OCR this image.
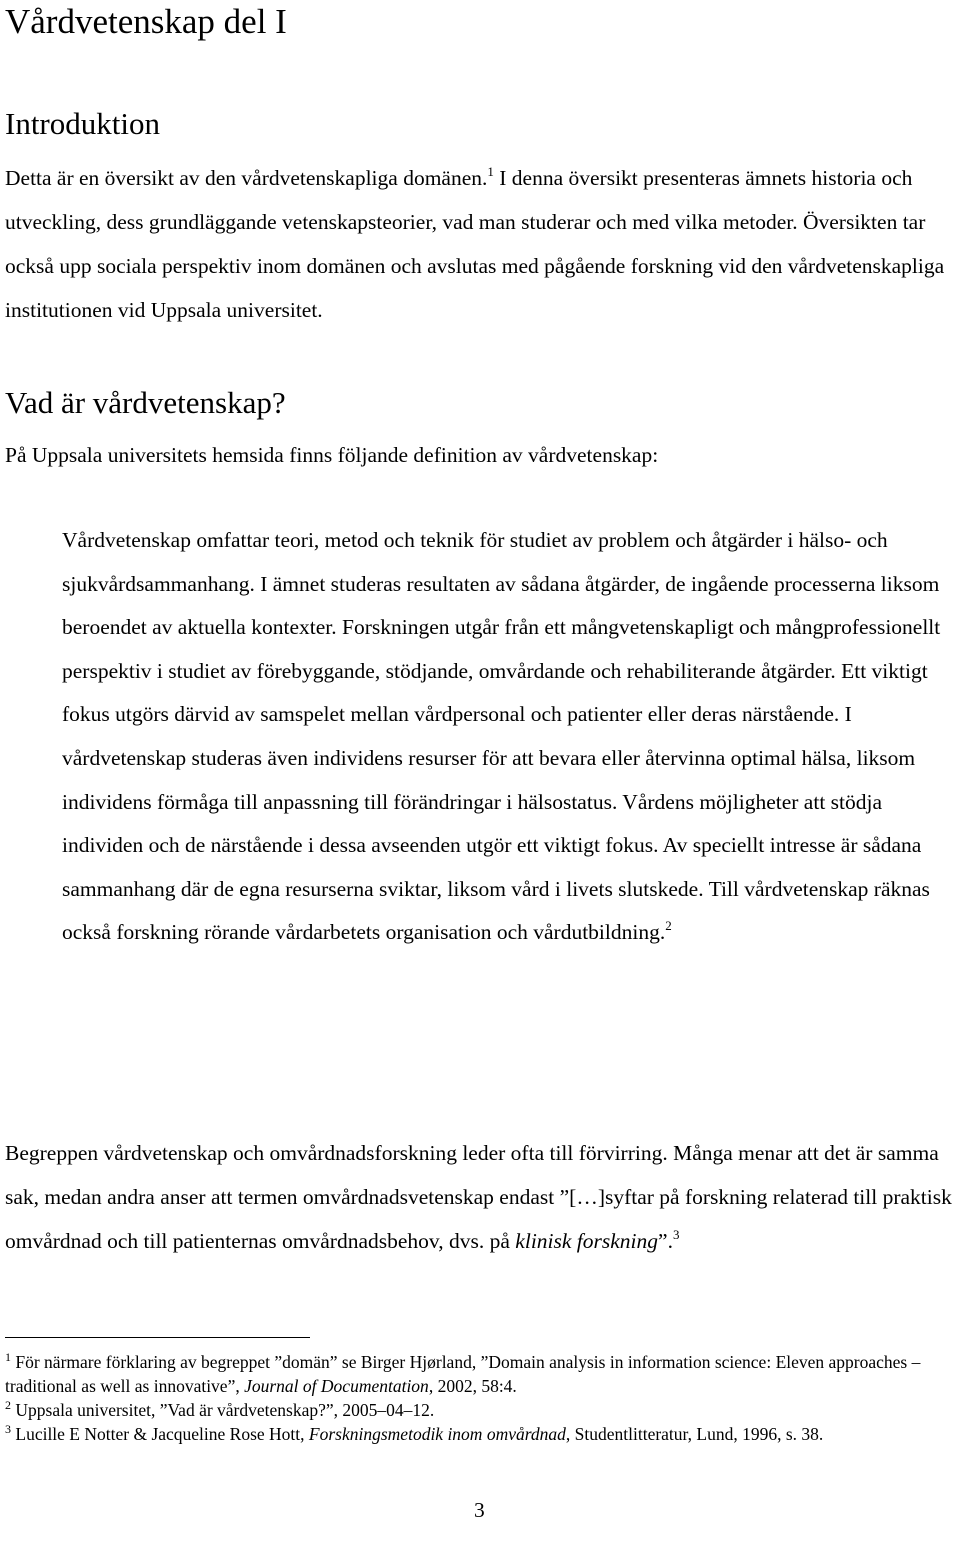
Vårdvetenskap del I
Introduktion

Detta är en översikt av den vårdvetenskapliga domänen.$^1$ I denna översikt presenteras ämnets historia och utveckling, dess grundläggande vetenskapsteorier, vad man studerar och med vilka metoder. Översikten tar också upp sociala perspektiv inom domänen och avslutas med pågående forskning vid den vårdvetenskapliga institutionen vid Uppsala universitet.

Vad är vårdvetenskap?

På Uppsala universitets hemsida finns följande definition av vårdvetenskap:

Vårdvetenskap omfattar teori, metod och teknik för studiet av problem och åtgärder i hälso- och sjukvårdsammanhang. I ämnet studeras resultaten av sådana åtgärder, de ingående processerna liksom beroendet av aktuella kontexter. Forskningen utgår från ett mångvetenskapligt och mångprofessionellt perspektiv i studiet av förebyggande, stödjande, omvårdande och rehabiliterande åtgärder. Ett viktigt fokus utgörs därvid av samspelet mellan vårdpersonal och patienter eller deras närstående. I vårdvetenskap studeras även individens resurser för att bevara eller återvinna optimal hälsa, liksom individens förmåga till anpassning till förändringar i hälsostatus. Vårdens möjligheter att stödja individen och de närstående i dessa avseenden utgör ett viktigt fokus. Av speciellt intresse är sådana sammanhang där de egna resurserna sviktar, liksom vård i livets slutskede. Till vårdvetenskap räknas också forskning rörande vårdarbetets organisation och vårdutbildning.$^2$

Begreppen vårdvetenskap och omvårdnadsforskning leder ofta till förvirring. Många menar att det är samma sak, medan andra anser att termen omvårdnadsvetenskap endast ”[…]syftar på forskning relaterad till praktisk omvårdnad och till patienternas omvårdnadsbehov, dvs. på klinisk forskning”.$^3$

$^1$ För närmare förklaring av begreppet ”domän” se Birger Hjørland, ”Domain analysis in information science: Eleven approaches – traditional as well as innovative”, Journal of Documentation, 2002, 58:4.

$^2$ Uppsala universitet, ”Vad är vårdvetenskap?”, 2005–04–12.

$^3$ Lucille E Notter & Jacqueline Rose Hott, Forskningsmetodik inom omvårdnad, Studentlitteratur, Lund, 1996, s. 38.

3
